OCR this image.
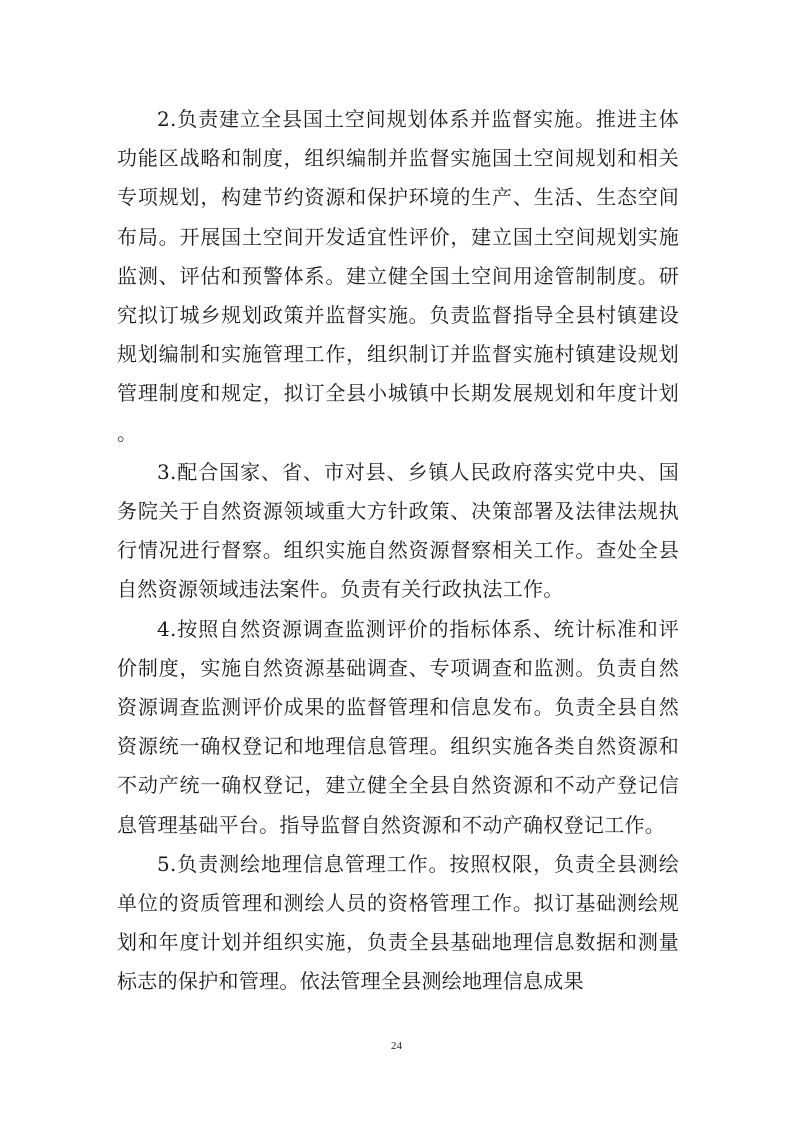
2.负责建立全县国土空间规划体系并监督实施。推进主体功能区战略和制度，组织编制并监督实施国土空间规划和相关专项规划，构建节约资源和保护环境的生产、生活、生态空间布局。开展国土空间开发适宜性评价，建立国土空间规划实施监测、评估和预警体系。建立健全国土空间用途管制制度。研究拟订城乡规划政策并监督实施。负责监督指导全县村镇建设规划编制和实施管理工作，组织制订并监督实施村镇建设规划管理制度和规定，拟订全县小城镇中长期发展规划和年度计划。

3.配合国家、省、市对县、乡镇人民政府落实党中央、国务院关于自然资源领域重大方针政策、决策部署及法律法规执行情况进行督察。组织实施自然资源督察相关工作。查处全县自然资源领域违法案件。负责有关行政执法工作。

4.按照自然资源调查监测评价的指标体系、统计标准和评价制度，实施自然资源基础调查、专项调查和监测。负责自然资源调查监测评价成果的监督管理和信息发布。负责全县自然资源统一确权登记和地理信息管理。组织实施各类自然资源和不动产统一确权登记，建立健全全县自然资源和不动产登记信息管理基础平台。指导监督自然资源和不动产确权登记工作。

5.负责测绘地理信息管理工作。按照权限，负责全县测绘单位的资质管理和测绘人员的资格管理工作。拟订基础测绘规划和年度计划并组织实施，负责全县基础地理信息数据和测量标志的保护和管理。依法管理全县测绘地理信息成果

24
